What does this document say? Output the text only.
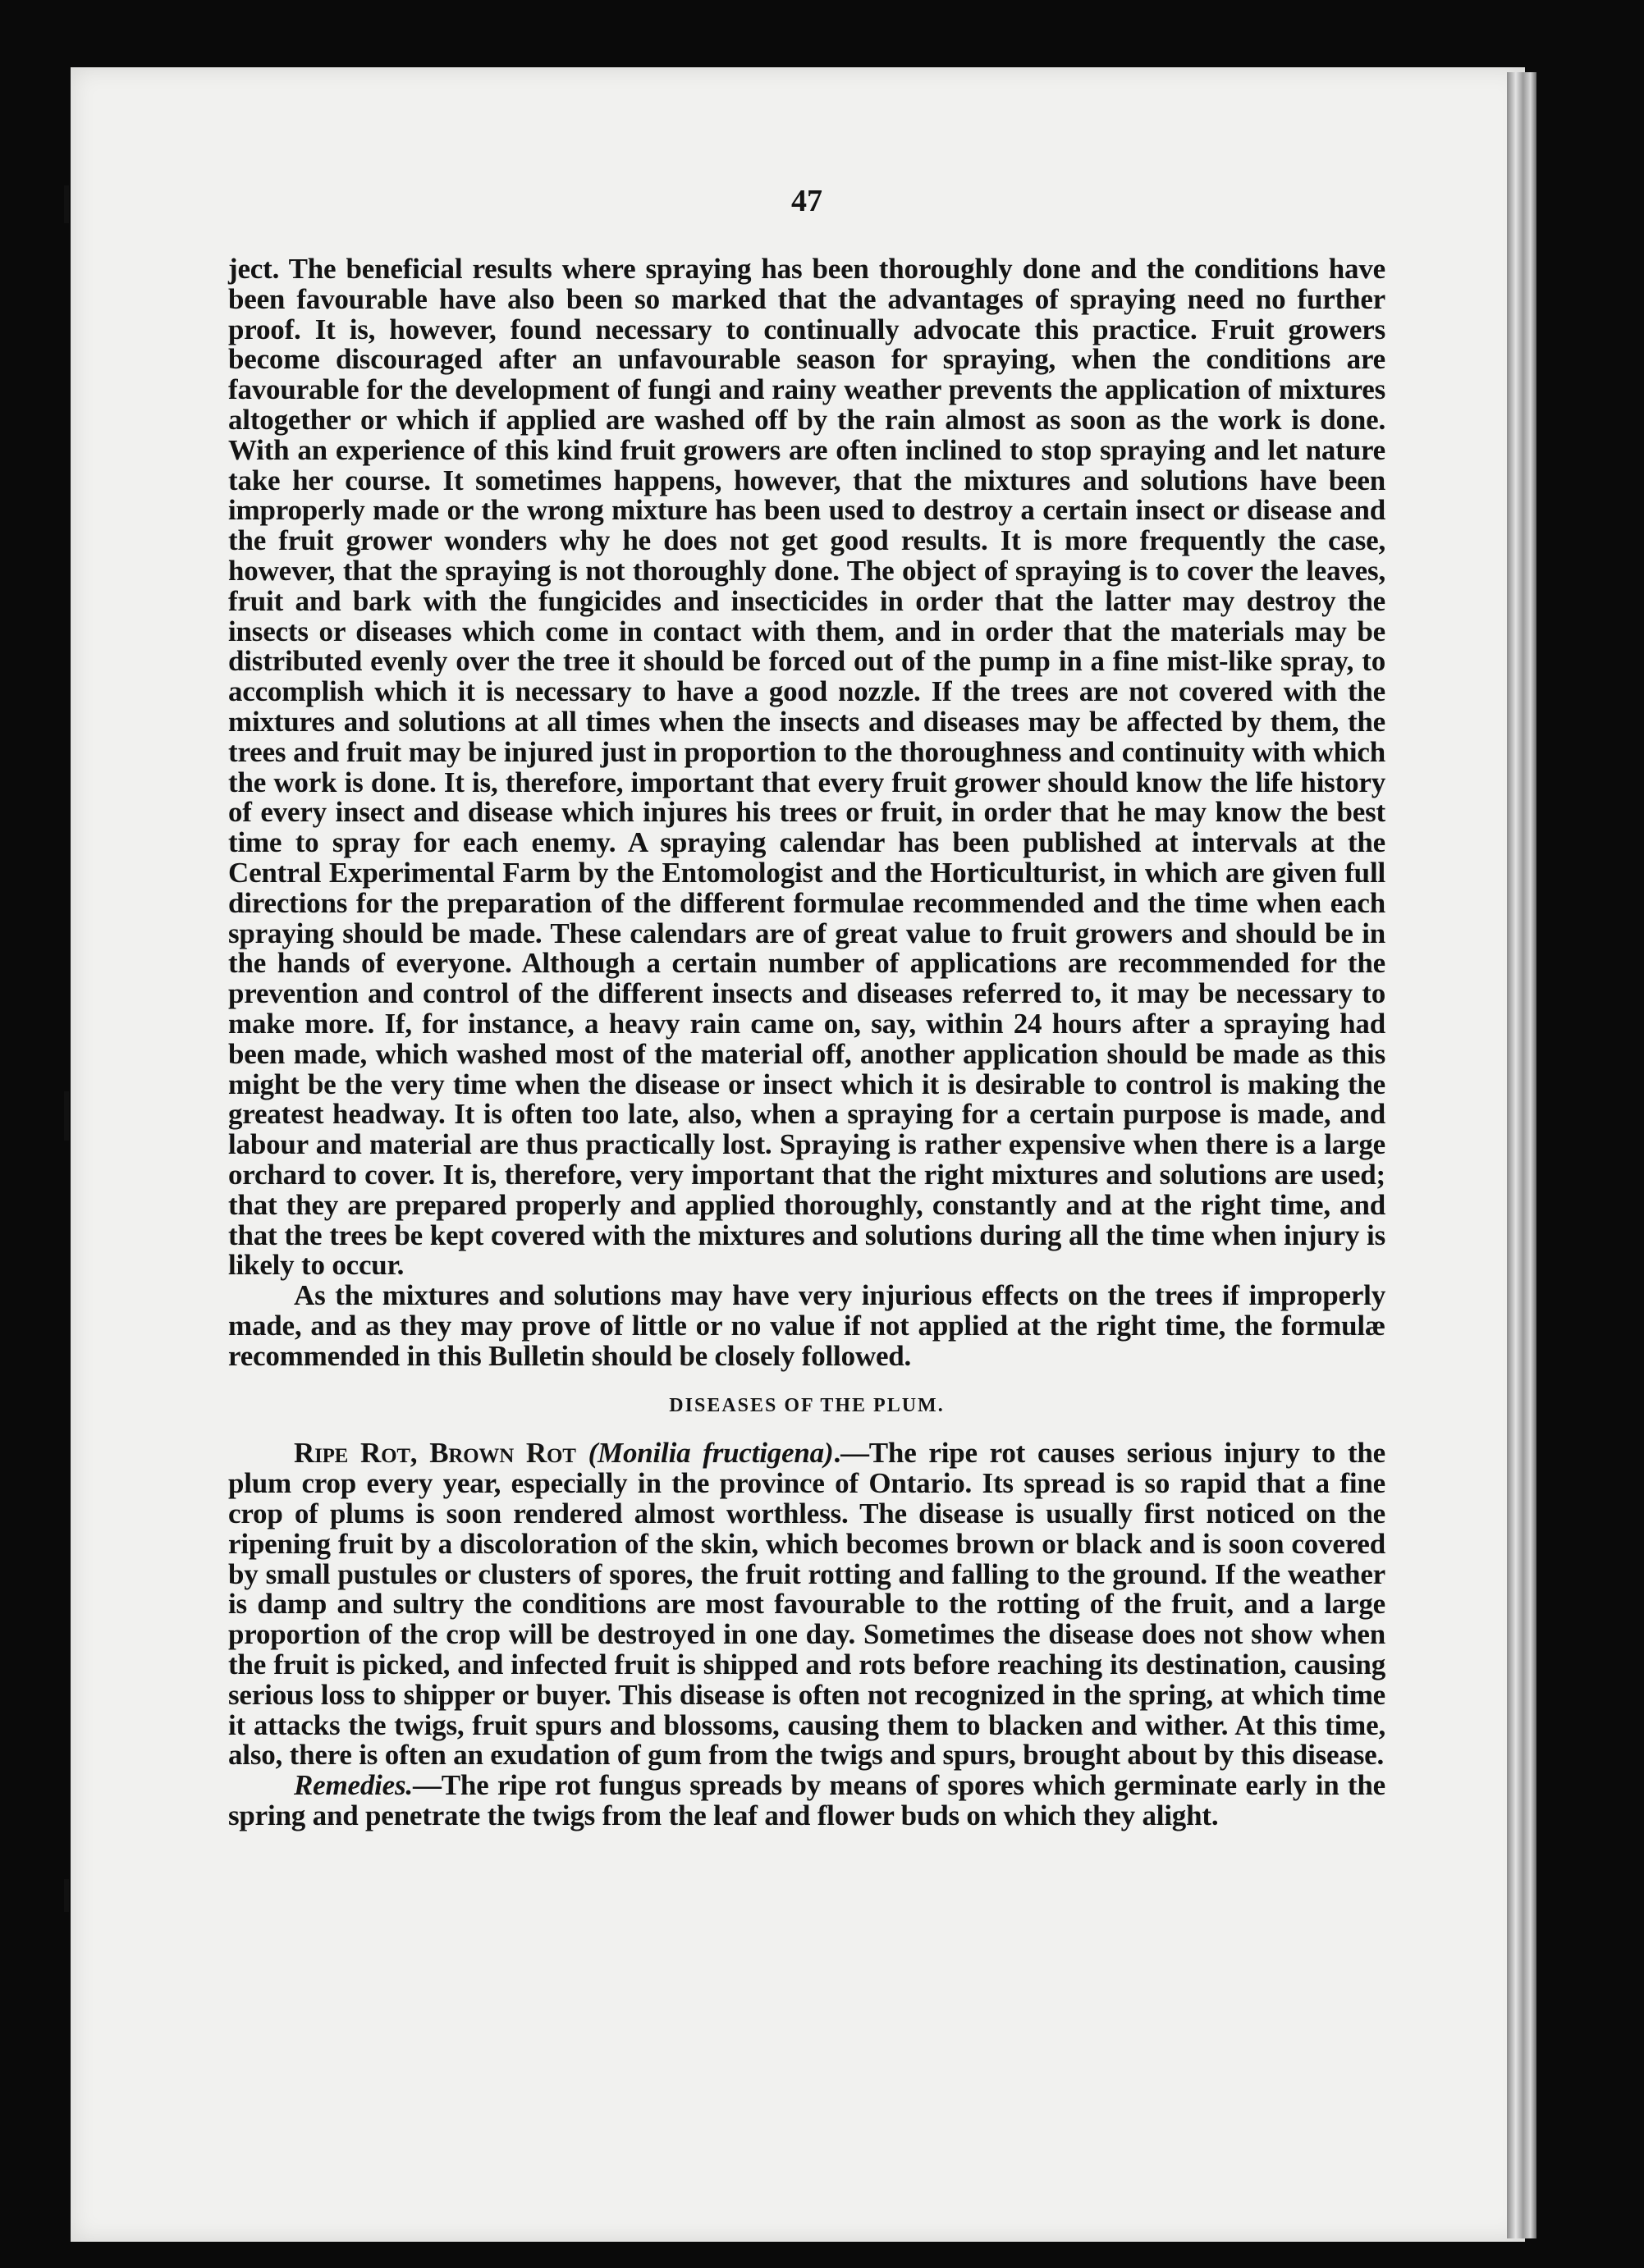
47

ject. The beneficial results where spraying has been thoroughly done and the conditions have been favourable have also been so marked that the advantages of spraying need no further proof. It is, however, found necessary to continually advocate this practice. Fruit growers become discouraged after an unfavourable season for spraying, when the conditions are favourable for the development of fungi and rainy weather prevents the application of mixtures altogether or which if applied are washed off by the rain almost as soon as the work is done. With an experience of this kind fruit growers are often inclined to stop spraying and let nature take her course. It sometimes happens, however, that the mixtures and solutions have been improperly made or the wrong mixture has been used to destroy a certain insect or disease and the fruit grower wonders why he does not get good results. It is more frequently the case, however, that the spraying is not thoroughly done. The object of spraying is to cover the leaves, fruit and bark with the fungicides and insecticides in order that the latter may destroy the insects or diseases which come in contact with them, and in order that the materials may be distributed evenly over the tree it should be forced out of the pump in a fine mist-like spray, to accomplish which it is necessary to have a good nozzle. If the trees are not covered with the mixtures and solutions at all times when the insects and diseases may be affected by them, the trees and fruit may be injured just in proportion to the thoroughness and continuity with which the work is done. It is, therefore, important that every fruit grower should know the life history of every insect and disease which injures his trees or fruit, in order that he may know the best time to spray for each enemy. A spraying calendar has been published at intervals at the Central Experimental Farm by the Entomologist and the Horticulturist, in which are given full directions for the preparation of the different formulae recommended and the time when each spraying should be made. These calendars are of great value to fruit growers and should be in the hands of everyone. Although a certain number of applications are recommended for the prevention and control of the different insects and diseases referred to, it may be necessary to make more. If, for instance, a heavy rain came on, say, within 24 hours after a spraying had been made, which washed most of the material off, another application should be made as this might be the very time when the disease or insect which it is desirable to control is making the greatest headway. It is often too late, also, when a spraying for a certain purpose is made, and labour and material are thus practically lost. Spraying is rather expensive when there is a large orchard to cover. It is, therefore, very important that the right mixtures and solutions are used; that they are prepared properly and applied thoroughly, constantly and at the right time, and that the trees be kept covered with the mixtures and solutions during all the time when injury is likely to occur.

As the mixtures and solutions may have very injurious effects on the trees if improperly made, and as they may prove of little or no value if not applied at the right time, the formulæ recommended in this Bulletin should be closely followed.

DISEASES OF THE PLUM.

Ripe Rot, Brown Rot (Monilia fructigena).—The ripe rot causes serious injury to the plum crop every year, especially in the province of Ontario. Its spread is so rapid that a fine crop of plums is soon rendered almost worthless. The disease is usually first noticed on the ripening fruit by a discoloration of the skin, which becomes brown or black and is soon covered by small pustules or clusters of spores, the fruit rotting and falling to the ground. If the weather is damp and sultry the conditions are most favourable to the rotting of the fruit, and a large proportion of the crop will be destroyed in one day. Sometimes the disease does not show when the fruit is picked, and infected fruit is shipped and rots before reaching its destination, causing serious loss to shipper or buyer. This disease is often not recognized in the spring, at which time it attacks the twigs, fruit spurs and blossoms, causing them to blacken and wither. At this time, also, there is often an exudation of gum from the twigs and spurs, brought about by this disease.

Remedies.—The ripe rot fungus spreads by means of spores which germinate early in the spring and penetrate the twigs from the leaf and flower buds on which they alight.
